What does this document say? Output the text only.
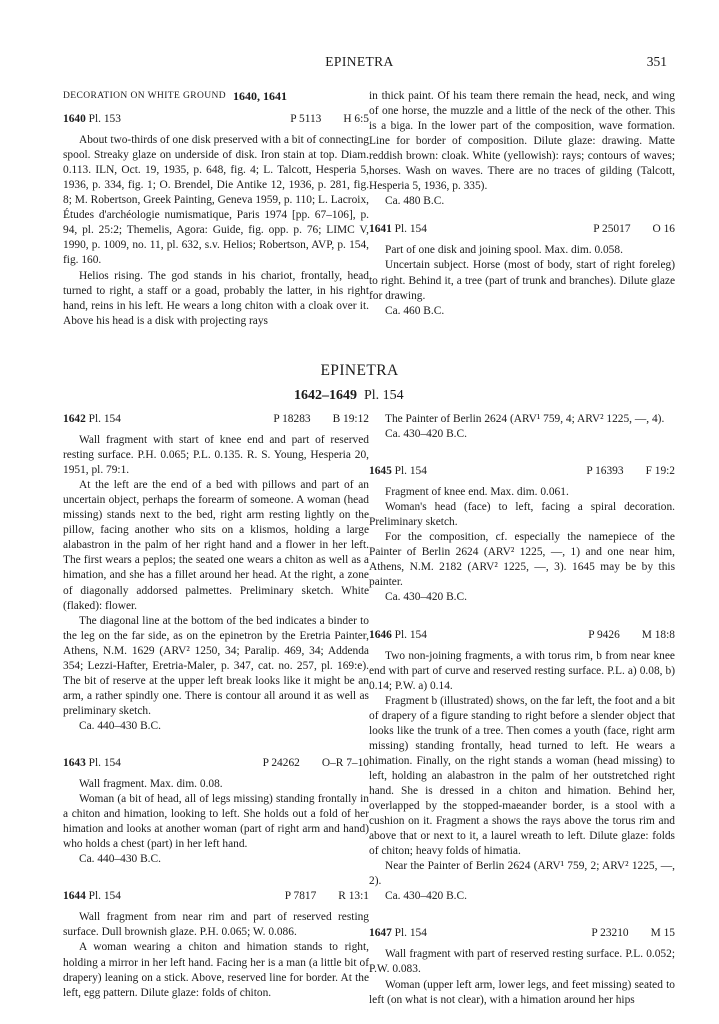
EPINETRA	351
DECORATION ON WHITE GROUND 1640, 1641
1640 Pl. 153	P 5113 H 6:5

About two-thirds of one disk preserved with a bit of connecting spool. Streaky glaze on underside of disk. Iron stain at top. Diam. 0.113. ILN, Oct. 19, 1935, p. 648, fig. 4; L. Talcott, Hesperia 5, 1936, p. 334, fig. 1; O. Brendel, Die Antike 12, 1936, p. 281, fig. 8; M. Robertson, Greek Painting, Geneva 1959, p. 110; L. Lacroix, Études d'archéologie numismatique, Paris 1974 [pp. 67–106], p. 94, pl. 25:2; Themelis, Agora: Guide, fig. opp. p. 76; LIMC V, 1990, p. 1009, no. 11, pl. 632, s.v. Helios; Robertson, AVP, p. 154, fig. 160.

Helios rising. The god stands in his chariot, frontally, head turned to right, a staff or a goad, probably the latter, in his right hand, reins in his left. He wears a long chiton with a cloak over it. Above his head is a disk with projecting rays

in thick paint. Of his team there remain the head, neck, and wing of one horse, the muzzle and a little of the neck of the other. This is a biga. In the lower part of the composition, wave formation. Line for border of composition. Dilute glaze: drawing. Matte reddish brown: cloak. White (yellowish): rays; contours of waves; horses. Wash on waves. There are no traces of gilding (Talcott, Hesperia 5, 1936, p. 335).

Ca. 480 B.C.

1641 Pl. 154	P 25017 O 16

Part of one disk and joining spool. Max. dim. 0.058.

Uncertain subject. Horse (most of body, start of right foreleg) to right. Behind it, a tree (part of trunk and branches). Dilute glaze for drawing.

Ca. 460 B.C.

EPINETRA
1642–1649 Pl. 154
1642 Pl. 154	P 18283 B 19:12

Wall fragment with start of knee end and part of reserved resting surface. P.H. 0.065; P.L. 0.135. R. S. Young, Hesperia 20, 1951, pl. 79:1.

At the left are the end of a bed with pillows and part of an uncertain object, perhaps the forearm of someone. A woman (head missing) stands next to the bed, right arm resting lightly on the pillow, facing another who sits on a klismos, holding a large alabastron in the palm of her right hand and a flower in her left. The first wears a peplos; the seated one wears a chiton as well as a himation, and she has a fillet around her head. At the right, a zone of diagonally addorsed palmettes. Preliminary sketch. White (flaked): flower.

The diagonal line at the bottom of the bed indicates a binder to the leg on the far side, as on the epinetron by the Eretria Painter, Athens, N.M. 1629 (ARV² 1250, 34; Paralip. 469, 34; Addenda 354; Lezzi-Hafter, Eretria-Maler, p. 347, cat. no. 257, pl. 169:e). The bit of reserve at the upper left break looks like it might be an arm, a rather spindly one. There is contour all around it as well as preliminary sketch.

Ca. 440–430 B.C.

1643 Pl. 154	P 24262 O–R 7–10

Wall fragment. Max. dim. 0.08.

Woman (a bit of head, all of legs missing) standing frontally in a chiton and himation, looking to left. She holds out a fold of her himation and looks at another woman (part of right arm and hand) who holds a chest (part) in her left hand.

Ca. 440–430 B.C.

1644 Pl. 154	P 7817 R 13:1

Wall fragment from near rim and part of reserved resting surface. Dull brownish glaze. P.H. 0.065; W. 0.086.

A woman wearing a chiton and himation stands to right, holding a mirror in her left hand. Facing her is a man (a little bit of drapery) leaning on a stick. Above, reserved line for border. At the left, egg pattern. Dilute glaze: folds of chiton.

The Painter of Berlin 2624 (ARV¹ 759, 4; ARV² 1225, —, 4).

Ca. 430–420 B.C.

1645 Pl. 154	P 16393 F 19:2

Fragment of knee end. Max. dim. 0.061.

Woman's head (face) to left, facing a spiral decoration. Preliminary sketch.

For the composition, cf. especially the namepiece of the Painter of Berlin 2624 (ARV² 1225, —, 1) and one near him, Athens, N.M. 2182 (ARV² 1225, —, 3). 1645 may be by this painter.

Ca. 430–420 B.C.

1646 Pl. 154	P 9426 M 18:8

Two non-joining fragments, a with torus rim, b from near knee end with part of curve and reserved resting surface. P.L. a) 0.08, b) 0.14; P.W. a) 0.14.

Fragment b (illustrated) shows, on the far left, the foot and a bit of drapery of a figure standing to right before a slender object that looks like the trunk of a tree. Then comes a youth (face, right arm missing) standing frontally, head turned to left. He wears a himation. Finally, on the right stands a woman (head missing) to left, holding an alabastron in the palm of her outstretched right hand. She is dressed in a chiton and himation. Behind her, overlapped by the stopped-maeander border, is a stool with a cushion on it. Fragment a shows the rays above the torus rim and above that or next to it, a laurel wreath to left. Dilute glaze: folds of chiton; heavy folds of himatia.

Near the Painter of Berlin 2624 (ARV¹ 759, 2; ARV² 1225, —, 2).

Ca. 430–420 B.C.

1647 Pl. 154	P 23210 M 15

Wall fragment with part of reserved resting surface. P.L. 0.052; P.W. 0.083.

Woman (upper left arm, lower legs, and feet missing) seated to left (on what is not clear), with a himation around her hips
